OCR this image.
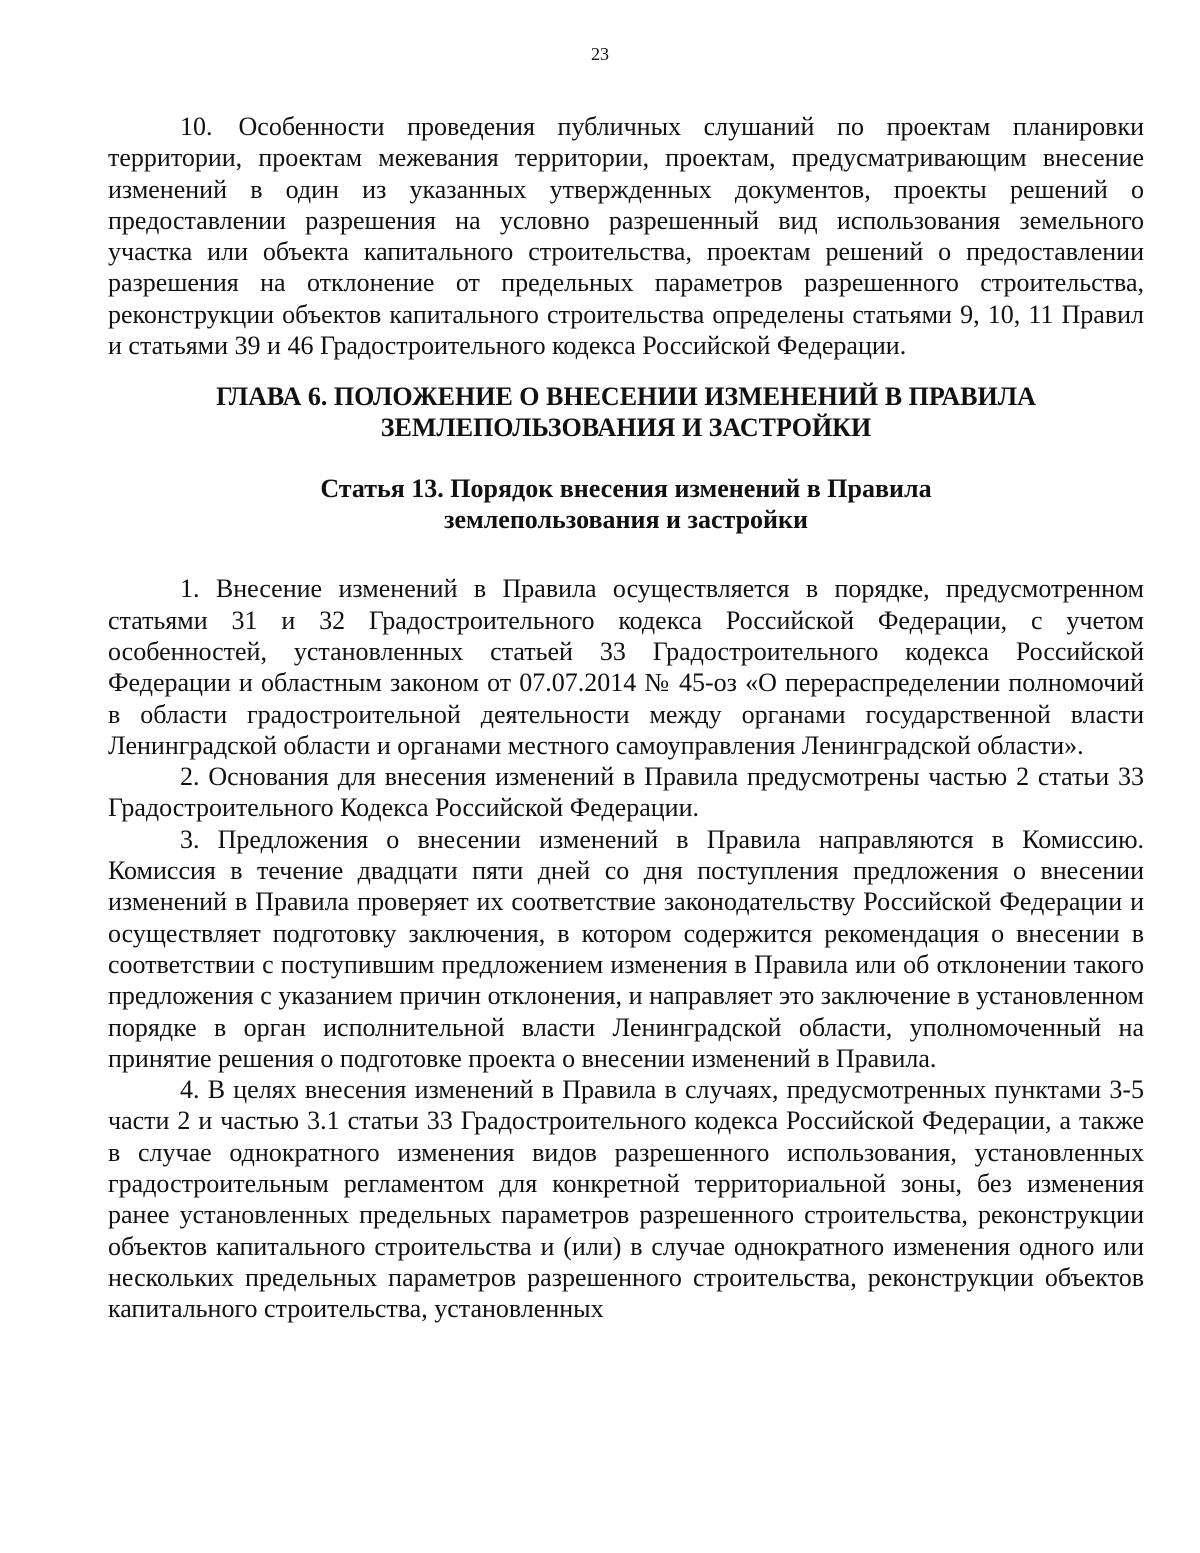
23

10. Особенности проведения публичных слушаний по проектам планировки территории, проектам межевания территории, проектам, предусматривающим внесение изменений в один из указанных утвержденных документов, проекты решений о предоставлении разрешения на условно разрешенный вид использования земельного участка или объекта капитального строительства, проектам решений о предоставлении разрешения на отклонение от предельных параметров разрешенного строительства, реконструкции объектов капитального строительства определены статьями 9, 10, 11 Правил и статьями 39 и 46 Градостроительного кодекса Российской Федерации.

ГЛАВА 6. ПОЛОЖЕНИЕ О ВНЕСЕНИИ ИЗМЕНЕНИЙ В ПРАВИЛА
ЗЕМЛЕПОЛЬЗОВАНИЯ И ЗАСТРОЙКИ
Статья 13. Порядок внесения изменений в Правила
землепользования и застройки

1. Внесение изменений в Правила осуществляется в порядке, предусмотренном статьями 31 и 32 Градостроительного кодекса Российской Федерации, с учетом особенностей, установленных статьей 33 Градостроительного кодекса Российской Федерации и областным законом от 07.07.2014 № 45-оз «О перераспределении полномочий в области градостроительной деятельности между органами государственной власти Ленинградской области и органами местного самоуправления Ленинградской области».

2. Основания для внесения изменений в Правила предусмотрены частью 2 статьи 33 Градостроительного Кодекса Российской Федерации.

3. Предложения о внесении изменений в Правила направляются в Комиссию. Комиссия в течение двадцати пяти дней со дня поступления предложения о внесении изменений в Правила проверяет их соответствие законодательству Российской Федерации и осуществляет подготовку заключения, в котором содержится рекомендация о внесении в соответствии с поступившим предложением изменения в Правила или об отклонении такого предложения с указанием причин отклонения, и направляет это заключение в установленном порядке в орган исполнительной власти Ленинградской области, уполномоченный на принятие решения о подготовке проекта о внесении изменений в Правила.

4. В целях внесения изменений в Правила в случаях, предусмотренных пунктами 3-5 части 2 и частью 3.1 статьи 33 Градостроительного кодекса Российской Федерации, а также в случае однократного изменения видов разрешенного использования, установленных градостроительным регламентом для конкретной территориальной зоны, без изменения ранее установленных предельных параметров разрешенного строительства, реконструкции объектов капитального строительства и (или) в случае однократного изменения одного или нескольких предельных параметров разрешенного строительства, реконструкции объектов капитального строительства, установленных
